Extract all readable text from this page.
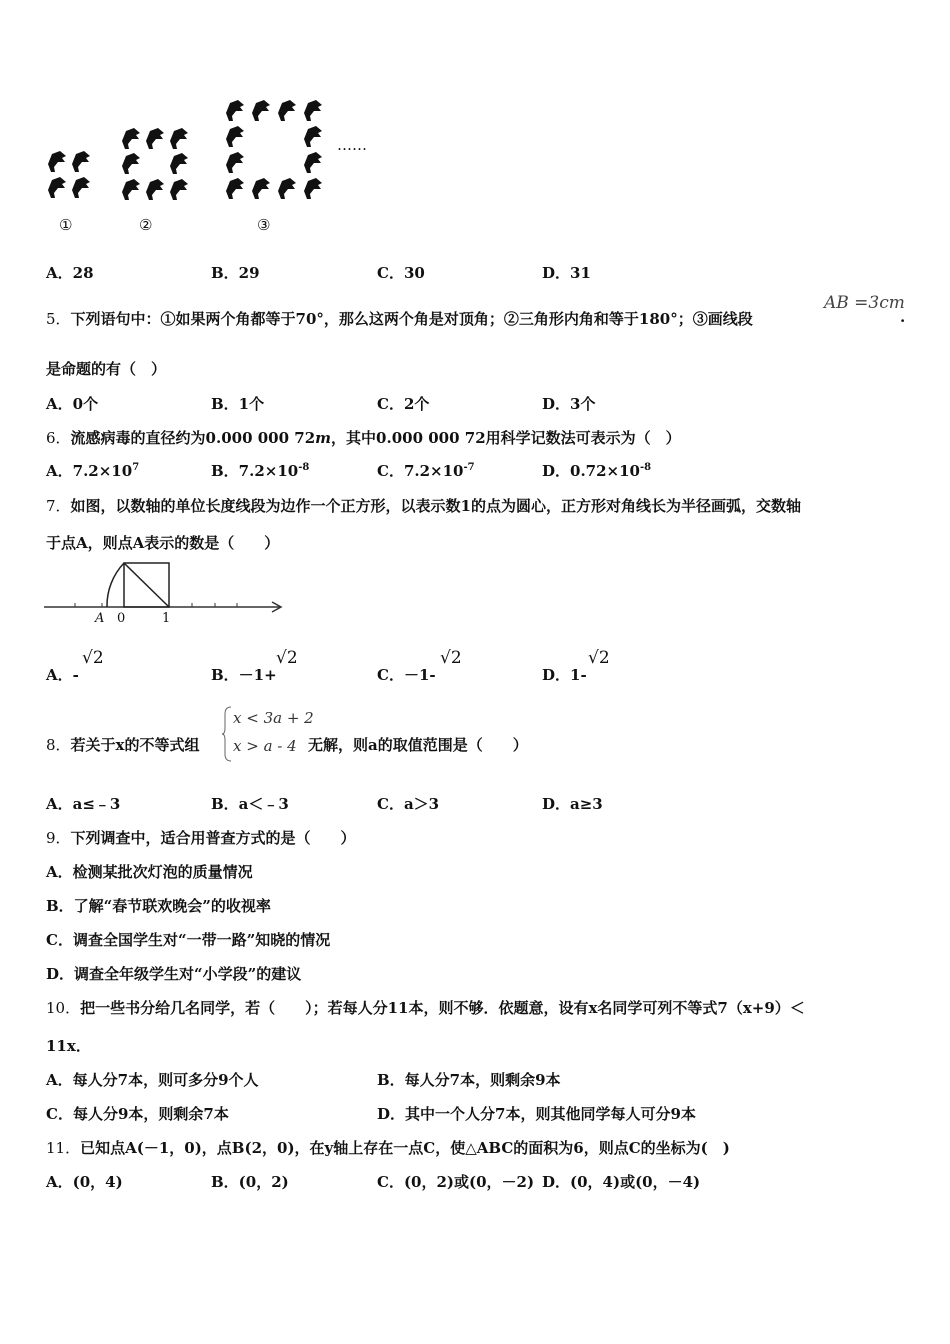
……
①	②	③
A．28	B．29	C．30	D．31
5．下列语句中：①如果两个角都等于70°，那么这两个角是对顶角；②三角形内角和等于180°；③画线段
AB =3cm
.
是命题的有（　）
A．0个	B．1个	C．2个	D．3个
6．流感病毒的直径约为0.000 000 72m，其中0.000 000 72用科学记数法可表示为（　）
A．$7.2\times 10^7$	B．$7.2\times 10^{-8}$	C．$7.2\times 10^{-7}$	D．$0.72\times 10^{-8}$
7．如图，以数轴的单位长度线段为边作一个正方形，以表示数1的点为圆心，正方形对角线长为半径画弧，交数轴
于点A，则点A表示的数是（　　）
A 0	1
A．-
√2
B．－1+
√2
C．－1-
√2
D．1-
√2
8．若关于x的不等式组
x < 3a + 2
x > a - 4 无解，则a的取值范围是（　　）
A．a≤﹣3	B．a＜﹣3	C．a＞3	D．a≥3
9．下列调查中，适合用普查方式的是（　　）
A．检测某批次灯泡的质量情况
B．了解“春节联欢晚会”的收视率
C．调查全国学生对“一带一路”知晓的情况
D．调查全年级学生对“小学段”的建议
10．把一些书分给几名同学，若（　　）；若每人分11本，则不够．依题意，设有x名同学可列不等式7（x+9）＜
11x．
A．每人分7本，则可多分9个人	B．每人分7本，则剩余9本
C．每人分9本，则剩余7本	D．其中一个人分7本，则其他同学每人可分9本
11．已知点A(－1，0)，点B(2，0)，在y轴上存在一点C，使△ABC的面积为6，则点C的坐标为(　)
A．(0，4)	B．(0，2)	C．(0，2)或(0，－2) D．(0，4)或(0，－4)
